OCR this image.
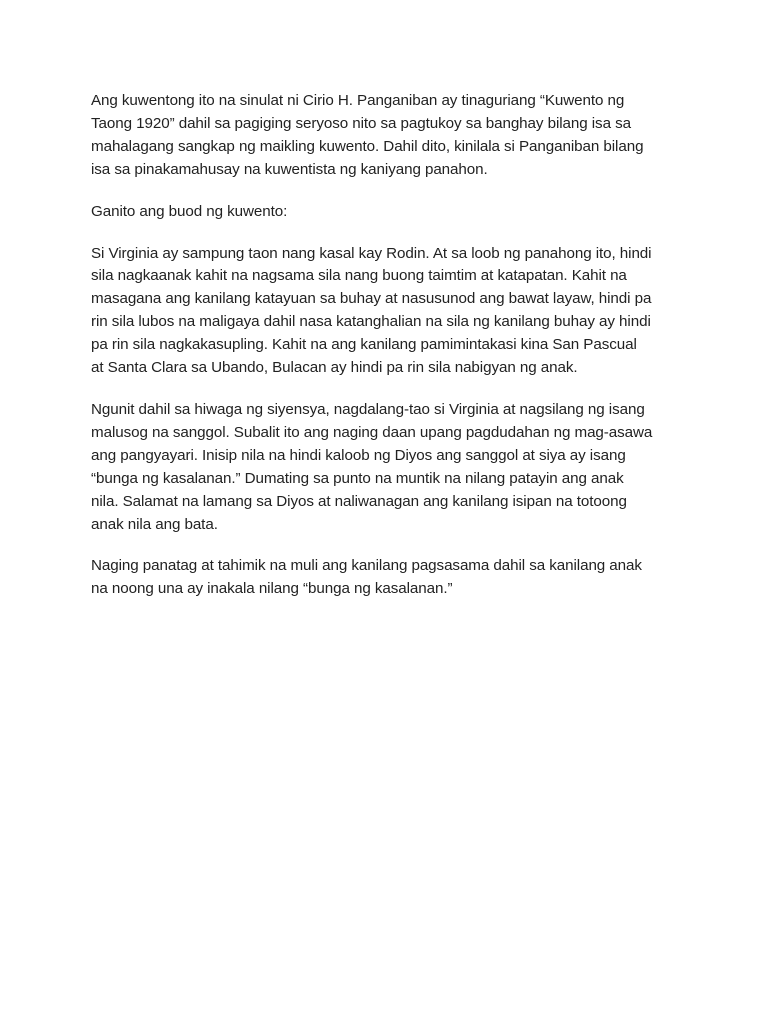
Ang kuwentong ito na sinulat ni Cirio H. Panganiban ay tinaguriang “Kuwento ng
Taong 1920” dahil sa pagiging seryoso nito sa pagtukoy sa banghay bilang isa sa
mahalagang sangkap ng maikling kuwento. Dahil dito, kinilala si Panganiban bilang
isa sa pinakamahusay na kuwentista ng kaniyang panahon.

Ganito ang buod ng kuwento:

Si Virginia ay sampung taon nang kasal kay Rodin. At sa loob ng panahong ito, hindi
sila nagkaanak kahit na nagsama sila nang buong taimtim at katapatan. Kahit na
masagana ang kanilang katayuan sa buhay at nasusunod ang bawat layaw, hindi pa
rin sila lubos na maligaya dahil nasa katanghalian na sila ng kanilang buhay ay hindi
pa rin sila nagkakasupling. Kahit na ang kanilang pamimintakasi kina San Pascual
at Santa Clara sa Ubando, Bulacan ay hindi pa rin sila nabigyan ng anak.

Ngunit dahil sa hiwaga ng siyensya, nagdalang-tao si Virginia at nagsilang ng isang
malusog na sanggol. Subalit ito ang naging daan upang pagdudahan ng mag-asawa
ang pangyayari. Inisip nila na hindi kaloob ng Diyos ang sanggol at siya ay isang
“bunga ng kasalanan.” Dumating sa punto na muntik na nilang patayin ang anak
nila. Salamat na lamang sa Diyos at naliwanagan ang kanilang isipan na totoong
anak nila ang bata.

Naging panatag at tahimik na muli ang kanilang pagsasama dahil sa kanilang anak
na noong una ay inakala nilang “bunga ng kasalanan.”
